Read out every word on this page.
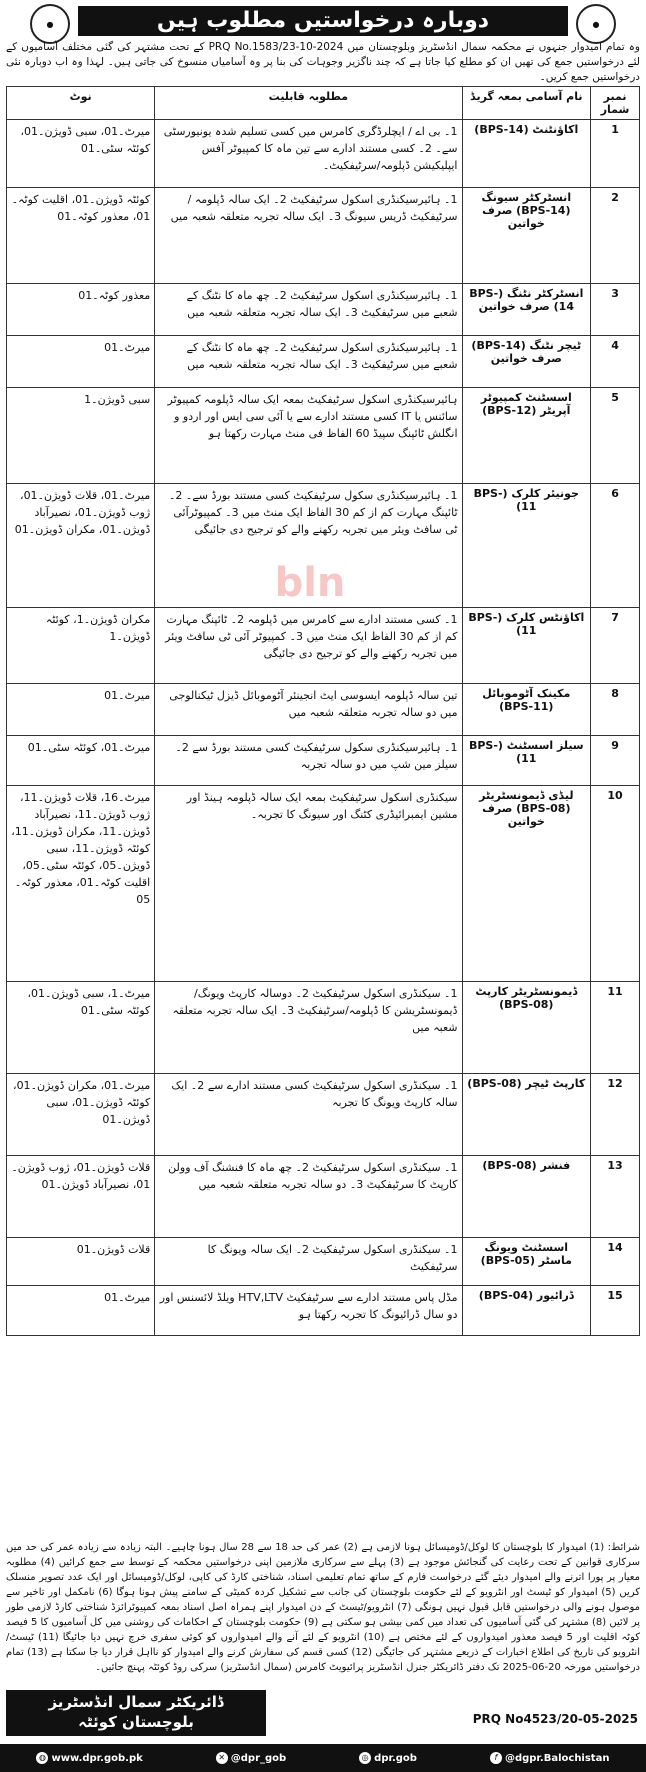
●	دوبارہ درخواستیں مطلوب ہیں	●
وہ تمام امیدوار جنہوں نے محکمہ سمال انڈسٹریز وبلوچستان میں PRQ No.1583/23-10-2024 کے تحت مشتہر کی گئی مختلف آسامیوں کے لئے درخواستیں جمع کی تھیں ان کو مطلع کیا جاتا ہے کہ چند ناگزیر وجوہات کی بنا پر وہ آسامیاں منسوخ کی جاتی ہیں۔ لہذا وہ اب دوبارہ نئی درخواستیں جمع کریں۔
نمبر شمار	نام آسامی بمعہ گریڈ	مطلوبہ قابلیت	نوٹ
1	اکاؤنٹنٹ (BPS-14)	1۔ بی اے / ایچلرڈگری کامرس میں کسی تسلیم شدہ یونیورسٹی سے۔ 2۔ کسی مستند ادارے سے تین ماہ کا کمپیوٹر آفس ایپلیکیشن ڈپلومہ/سرٹیفکیٹ۔	میرٹ۔01، سبی ڈویژن۔01، کوئٹہ سٹی۔01
2	انسٹرکٹر سیونگ (BPS-14) صرف خواتین	1۔ ہائیرسیکنڈری اسکول سرٹیفکیٹ 2۔ ایک سالہ ڈپلومہ / سرٹیفکیٹ ڈریس سیونگ 3۔ ایک سالہ تجربہ متعلقہ شعبہ میں	کوئٹہ ڈویژن۔01، اقلیت کوٹہ۔01، معذور کوٹہ۔01
3	انسٹرکٹر نٹنگ (BPS-14) صرف خواتین	1۔ ہائیرسیکنڈری اسکول سرٹیفکیٹ 2۔ چھ ماہ کا نٹنگ کے شعبے میں سرٹیفکیٹ 3۔ ایک سالہ تجربہ متعلقہ شعبہ میں	معذور کوٹہ۔01
4	ٹیچر نٹنگ (BPS-14) صرف خواتین	1۔ ہائیرسیکنڈری اسکول سرٹیفکیٹ 2۔ چھ ماہ کا نٹنگ کے شعبے میں سرٹیفکیٹ 3۔ ایک سالہ تجربہ متعلقہ شعبہ میں	میرٹ۔01
5	اسسٹنٹ کمپیوٹر آپریٹر (BPS-12)	ہائیرسیکنڈری اسکول سرٹیفکیٹ بمعہ ایک سالہ ڈپلومہ کمپیوٹر سائنس یا IT کسی مستند ادارے سے یا آئی سی ایس اور اردو و انگلش ٹائپنگ سپیڈ 60 الفاظ فی منٹ مہارت رکھتا ہو	سبی ڈویژن۔1
6	جونیئر کلرک (BPS-11)	1۔ ہائیرسیکنڈری سکول سرٹیفکیٹ کسی مستند بورڈ سے۔ 2۔ ٹائپنگ مہارت کم از کم 30 الفاظ ایک منٹ میں 3۔ کمپیوٹرآئی ٹی سافٹ ویئر میں تجربہ رکھنے والے کو ترجیح دی جائیگی	میرٹ۔01، قلات ڈویژن۔01، ژوب ڈویژن۔01، نصیرآباد ڈویژن۔01، مکران ڈویژن۔01
7	اکاؤنٹس کلرک (BPS-11)	1۔ کسی مستند ادارے سے کامرس میں ڈپلومہ 2۔ ٹائپنگ مہارت کم از کم 30 الفاظ ایک منٹ میں 3۔ کمپیوٹر آئی ٹی سافٹ ویئر میں تجربہ رکھنے والے کو ترجیح دی جائیگی	مکران ڈویژن۔1، کوئٹہ ڈویژن۔1
8	مکینک آٹوموبائل (BPS-11)	تین سالہ ڈپلومہ ایسوسی ایٹ انجینئر آٹوموبائل ڈیزل ٹیکنالوجی میں دو سالہ تجربہ متعلقہ شعبہ میں	میرٹ۔01
9	سیلز اسسٹنٹ (BPS-11)	1۔ ہائیرسیکنڈری سکول سرٹیفکیٹ کسی مستند بورڈ سے 2۔ سیلز مین شپ میں دو سالہ تجربہ	میرٹ۔01، کوئٹہ سٹی۔01
10	لیڈی ڈیمونسٹریٹر (BPS-08) صرف خواتین	سیکنڈری اسکول سرٹیفکیٹ بمعہ ایک سالہ ڈپلومہ ہینڈ اور مشین ایمبرائیڈری کٹنگ اور سیونگ کا تجربہ۔	میرٹ۔16، قلات ڈویژن۔11، ژوب ڈویژن۔11، نصیرآباد ڈویژن۔11، مکران ڈویژن۔11، کوئٹہ ڈویژن۔11، سبی ڈویژن۔05، کوئٹہ سٹی۔05، اقلیت کوٹہ۔01، معذور کوٹہ۔05
11	ڈیمونسٹریٹر کارپٹ (BPS-08)	1۔ سیکنڈری اسکول سرٹیفکیٹ 2۔ دوسالہ کارپٹ ویونگ/ڈیمونسٹریشن کا ڈپلومہ/سرٹیفکیٹ 3۔ ایک سالہ تجربہ متعلقہ شعبہ میں	میرٹ۔1، سبی ڈویژن۔01، کوئٹہ سٹی۔01
12	کارپٹ ٹیچر (BPS-08)	1۔ سیکنڈری اسکول سرٹیفکیٹ کسی مستند ادارے سے 2۔ ایک سالہ کارپٹ ویونگ کا تجربہ	میرٹ۔01، مکران ڈویژن۔01، کوئٹہ ڈویژن۔01، سبی ڈویژن۔01
13	فنشر (BPS-08)	1۔ سیکنڈری اسکول سرٹیفکیٹ 2۔ چھ ماہ کا فنشنگ آف وولن کارپٹ کا سرٹیفکیٹ 3۔ دو سالہ تجربہ متعلقہ شعبہ میں	قلات ڈویژن۔01، ژوب ڈویژن۔01، نصیرآباد ڈویژن۔01
14	اسسٹنٹ ویونگ ماسٹر (BPS-05)	1۔ سیکنڈری اسکول سرٹیفکیٹ 2۔ ایک سالہ ویونگ کا سرٹیفکیٹ	قلات ڈویژن۔01
15	ڈرائیور (BPS-04)	مڈل پاس مستند ادارے سے سرٹیفکیٹ HTV,LTV ویلڈ لائسنس اور دو سال ڈرائیونگ کا تجربہ رکھتا ہو	میرٹ۔01
bln
شرائط: (1) امیدوار کا بلوچستان کا لوکل/ڈومیسائل ہونا لازمی ہے (2) عمر کی حد 18 سے 28 سال ہونا چاہیے۔ البتہ زیادہ سے زیادہ عمر کی حد میں سرکاری قوانین کے تحت رعایت کی گنجائش موجود ہے (3) پہلے سے سرکاری ملازمین اپنی درخواستیں محکمہ کے توسط سے جمع کرائیں (4) مطلوبہ معیار پر پورا اترنے والے امیدوار دیئے گئے درخواست فارم کے ساتھ تمام تعلیمی اسناد، شناختی کارڈ کی کاپی، لوکل/ڈومیسائل اور ایک عدد تصویر منسلک کریں (5) امیدوار کو ٹیسٹ اور انٹرویو کے لئے حکومت بلوچستان کی جانب سے تشکیل کردہ کمیٹی کے سامنے پیش ہونا ہوگا (6) نامکمل اور تاخیر سے موصول ہونے والی درخواستیں قابل قبول نہیں ہونگی (7) انٹرویو/ٹیسٹ کے دن امیدوار اپنے ہمراہ اصل اسناد بمعہ کمپیوٹرائزڈ شناختی کارڈ لازمی طور پر لائیں (8) مشتہر کی گئی آسامیوں کی تعداد میں کمی بیشی ہو سکتی ہے (9) حکومت بلوچستان کے احکامات کی روشنی میں کل آسامیوں کا 5 فیصد کوٹہ اقلیت اور 5 فیصد معذور امیدواروں کے لئے مختص ہے (10) انٹرویو کے لئے آنے والے امیدواروں کو کوئی سفری خرچ نہیں دیا جائیگا (11) ٹیسٹ/انٹرویو کی تاریخ کی اطلاع اخبارات کے ذریعے مشتہر کی جائیگی (12) کسی قسم کی سفارش کرنے والے امیدوار کو نااہل قرار دیا جا سکتا ہے (13) تمام درخواستیں مورخہ 20-06-2025 تک دفتر ڈائریکٹر جنرل انڈسٹریز پرائیویٹ کامرس (سمال انڈسٹریز) سرکی روڈ کوئٹہ پہنچ جائیں۔
ڈائریکٹر سمال انڈسٹریز
بلوچستان کوئٹہ	PRQ No4523/20-05-2025
◍ www.dpr.gob.pk	✕ @dpr_gob	◎ dpr.gob	f @dgpr.Balochistan
